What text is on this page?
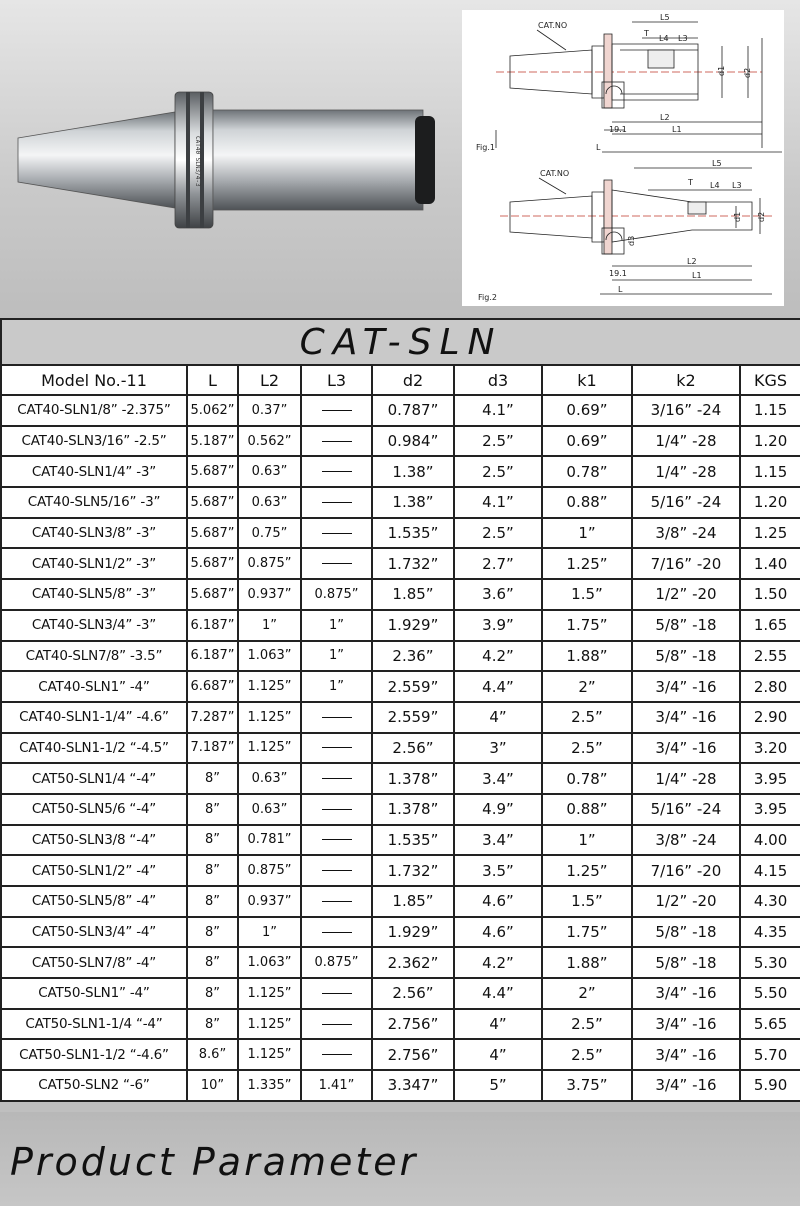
CAT40 SLN3/4-3
CAT.NO
L5
T
L4 L3
d1 d2
19.1
L2
L1
L
Fig.1
CAT.NO
L5
T L4 L3
d1 d2
d3
19.1
L2
L1
L
Fig.2
CAT-SLN								
Model No.-11	L	L2	L3	d2	d3	k1	k2	KGS
CAT40-SLN1/8” -2.375”	5.062”	0.37”		0.787”	4.1”	0.69”	3/16” -24	1.15
CAT40-SLN3/16” -2.5”	5.187”	0.562”		0.984”	2.5”	0.69”	1/4” -28	1.20
CAT40-SLN1/4” -3”	5.687”	0.63”		1.38”	2.5”	0.78”	1/4” -28	1.15
CAT40-SLN5/16” -3”	5.687”	0.63”		1.38”	4.1”	0.88”	5/16” -24	1.20
CAT40-SLN3/8” -3”	5.687”	0.75”		1.535”	2.5”	1”	3/8” -24	1.25
CAT40-SLN1/2” -3”	5.687”	0.875”		1.732”	2.7”	1.25”	7/16” -20	1.40
CAT40-SLN5/8” -3”	5.687”	0.937”	0.875”	1.85”	3.6”	1.5”	1/2” -20	1.50
CAT40-SLN3/4” -3”	6.187”	1”	1”	1.929”	3.9”	1.75”	5/8” -18	1.65
CAT40-SLN7/8” -3.5”	6.187”	1.063”	1”	2.36”	4.2”	1.88”	5/8” -18	2.55
CAT40-SLN1” -4”	6.687”	1.125”	1”	2.559”	4.4”	2”	3/4” -16	2.80
CAT40-SLN1-1/4” -4.6”	7.287”	1.125”		2.559”	4”	2.5”	3/4” -16	2.90
CAT40-SLN1-1/2 “-4.5”	7.187”	1.125”		2.56”	3”	2.5”	3/4” -16	3.20
CAT50-SLN1/4 “-4”	8”	0.63”		1.378”	3.4”	0.78”	1/4” -28	3.95
CAT50-SLN5/6 “-4”	8”	0.63”		1.378”	4.9”	0.88”	5/16” -24	3.95
CAT50-SLN3/8 “-4”	8”	0.781”		1.535”	3.4”	1”	3/8” -24	4.00
CAT50-SLN1/2” -4”	8”	0.875”		1.732”	3.5”	1.25”	7/16” -20	4.15
CAT50-SLN5/8” -4”	8”	0.937”		1.85”	4.6”	1.5”	1/2” -20	4.30
CAT50-SLN3/4” -4”	8”	1”		1.929”	4.6”	1.75”	5/8” -18	4.35
CAT50-SLN7/8” -4”	8”	1.063”	0.875”	2.362”	4.2”	1.88”	5/8” -18	5.30
CAT50-SLN1” -4”	8”	1.125”		2.56”	4.4”	2”	3/4” -16	5.50
CAT50-SLN1-1/4 “-4”	8”	1.125”		2.756”	4”	2.5”	3/4” -16	5.65
CAT50-SLN1-1/2 “-4.6”	8.6”	1.125”		2.756”	4”	2.5”	3/4” -16	5.70
CAT50-SLN2 “-6”	10”	1.335”	1.41”	3.347”	5”	3.75”	3/4” -16	5.90
Product Parameter
